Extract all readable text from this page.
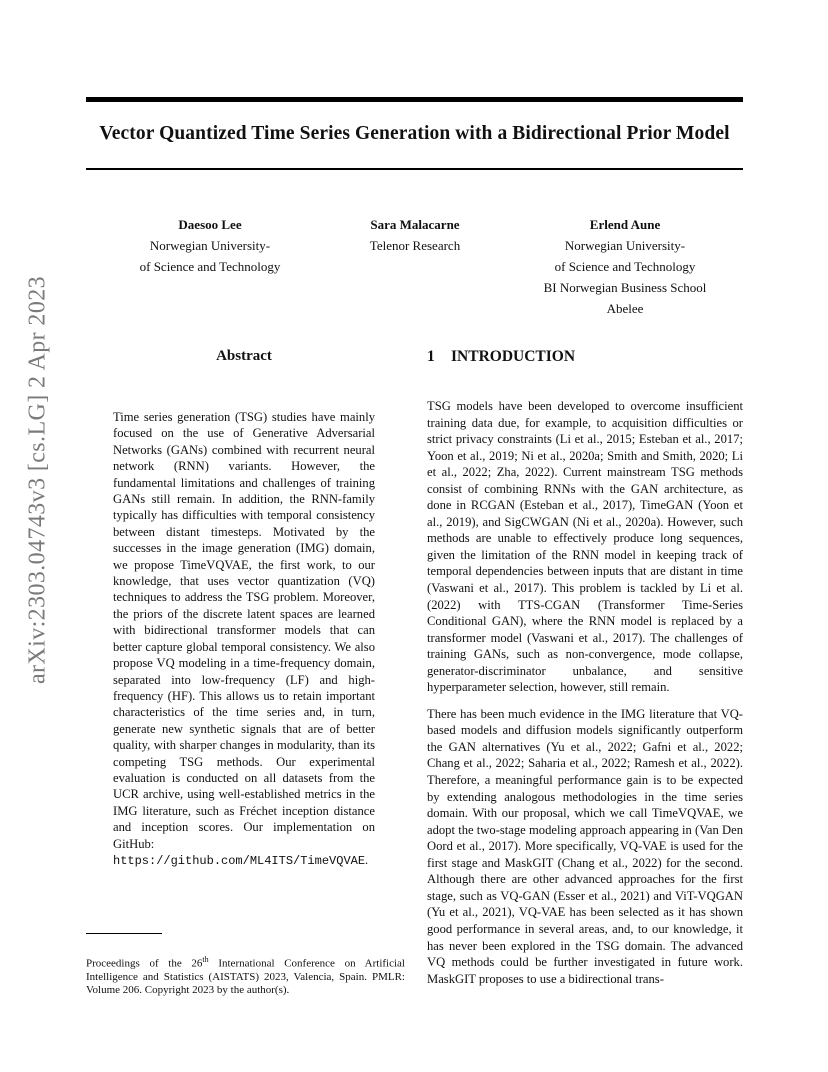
Vector Quantized Time Series Generation with a Bidirectional Prior Model
Daesoo Lee
Norwegian University-
of Science and Technology
Sara Malacarne
Telenor Research
Erlend Aune
Norwegian University-
of Science and Technology
BI Norwegian Business School
Abelee
arXiv:2303.04743v3 [cs.LG] 2 Apr 2023	Abstract
Time series generation (TSG) studies have mainly focused on the use of Generative Adversarial Networks (GANs) combined with recurrent neural network (RNN) variants. However, the fundamental limitations and challenges of training GANs still remain. In addition, the RNN-family typically has difficulties with temporal consistency between distant timesteps. Motivated by the successes in the image generation (IMG) domain, we propose TimeVQVAE, the first work, to our knowledge, that uses vector quantization (VQ) techniques to address the TSG problem. Moreover, the priors of the discrete latent spaces are learned with bidirectional transformer models that can better capture global temporal consistency. We also propose VQ modeling in a time-frequency domain, separated into low-frequency (LF) and high-frequency (HF). This allows us to retain important characteristics of the time series and, in turn, generate new synthetic signals that are of better quality, with sharper changes in modularity, than its competing TSG methods. Our experimental evaluation is conducted on all datasets from the UCR archive, using well-established metrics in the IMG literature, such as Fréchet inception distance and inception scores. Our implementation on GitHub: https://github.com/ML4ITS/TimeVQVAE.
Proceedings of the 26th International Conference on Artificial Intelligence and Statistics (AISTATS) 2023, Valencia, Spain. PMLR: Volume 206. Copyright 2023 by the author(s).
1 INTRODUCTION

TSG models have been developed to overcome insufficient training data due, for example, to acquisition difficulties or strict privacy constraints (Li et al., 2015; Esteban et al., 2017; Yoon et al., 2019; Ni et al., 2020a; Smith and Smith, 2020; Li et al., 2022; Zha, 2022). Current mainstream TSG methods consist of combining RNNs with the GAN architecture, as done in RCGAN (Esteban et al., 2017), TimeGAN (Yoon et al., 2019), and SigCWGAN (Ni et al., 2020a). However, such methods are unable to effectively produce long sequences, given the limitation of the RNN model in keeping track of temporal dependencies between inputs that are distant in time (Vaswani et al., 2017). This problem is tackled by Li et al. (2022) with TTS-CGAN (Transformer Time-Series Conditional GAN), where the RNN model is replaced by a transformer model (Vaswani et al., 2017). The challenges of training GANs, such as non-convergence, mode collapse, generator-discriminator unbalance, and sensitive hyperparameter selection, however, still remain.

There has been much evidence in the IMG literature that VQ-based models and diffusion models significantly outperform the GAN alternatives (Yu et al., 2022; Gafni et al., 2022; Chang et al., 2022; Saharia et al., 2022; Ramesh et al., 2022). Therefore, a meaningful performance gain is to be expected by extending analogous methodologies in the time series domain. With our proposal, which we call TimeVQVAE, we adopt the two-stage modeling approach appearing in (Van Den Oord et al., 2017). More specifically, VQ-VAE is used for the first stage and MaskGIT (Chang et al., 2022) for the second. Although there are other advanced approaches for the first stage, such as VQ-GAN (Esser et al., 2021) and ViT-VQGAN (Yu et al., 2021), VQ-VAE has been selected as it has shown good performance in several areas, and, to our knowledge, it has never been explored in the TSG domain. The advanced VQ methods could be further investigated in future work. MaskGIT proposes to use a bidirectional trans-
